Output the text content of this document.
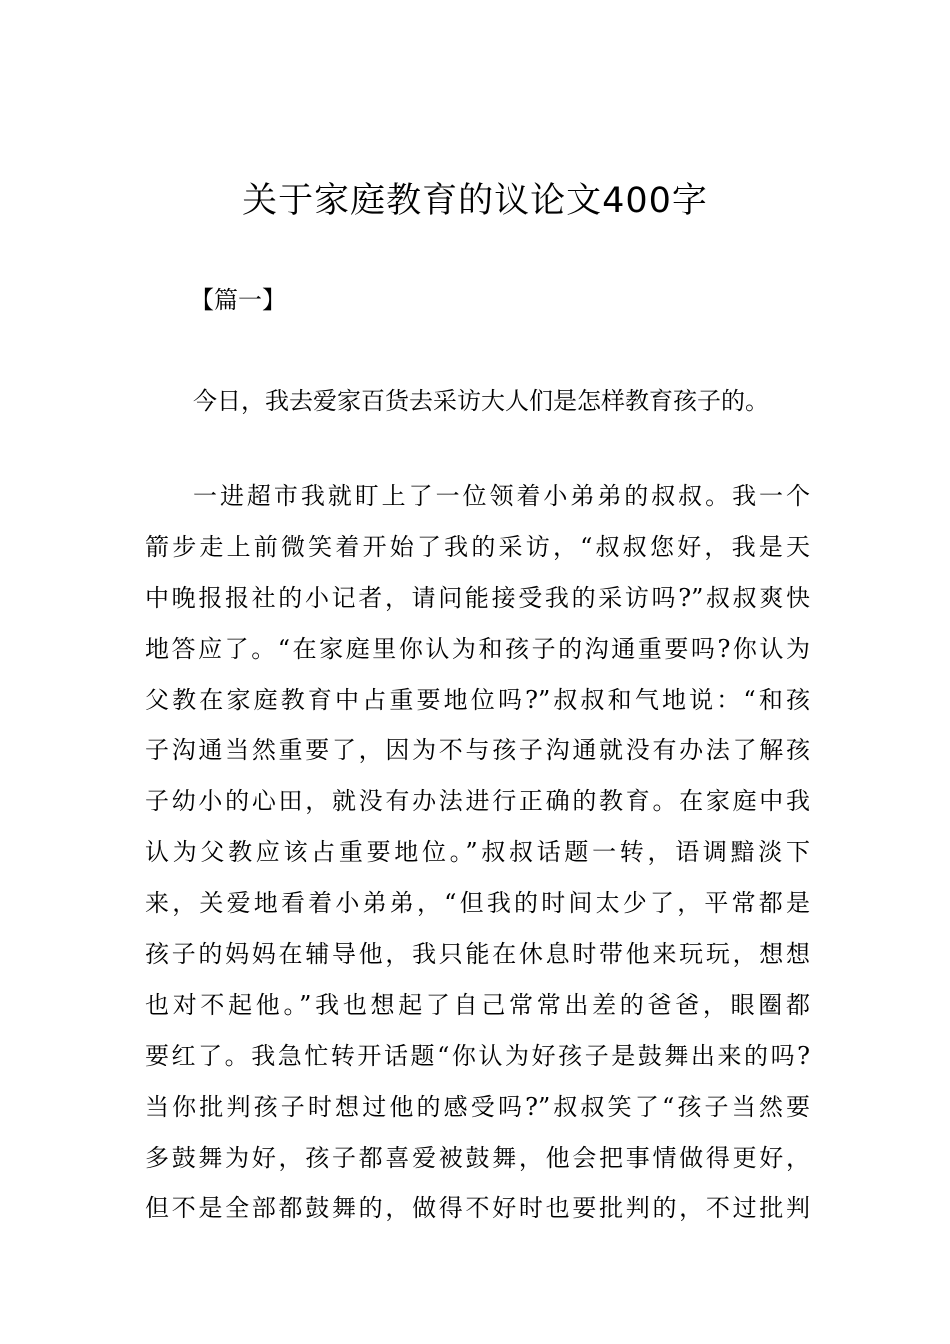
关于家庭教育的议论文400字

【篇一】

今日，我去爱家百货去采访大人们是怎样教育孩子的。

一进超市我就盯上了一位领着小弟弟的叔叔。我一个
箭步走上前微笑着开始了我的采访，“叔叔您好，我是天
中晚报报社的小记者，请问能接受我的采访吗?”叔叔爽快
地答应了。“在家庭里你认为和孩子的沟通重要吗?你认为
父教在家庭教育中占重要地位吗?”叔叔和气地说：“和孩
子沟通当然重要了，因为不与孩子沟通就没有办法了解孩
子幼小的心田，就没有办法进行正确的教育。在家庭中我
认为父教应该占重要地位。”叔叔话题一转，语调黯淡下
来，关爱地看着小弟弟，“但我的时间太少了，平常都是
孩子的妈妈在辅导他，我只能在休息时带他来玩玩，想想
也对不起他。”我也想起了自己常常出差的爸爸，眼圈都
要红了。我急忙转开话题“你认为好孩子是鼓舞出来的吗?
当你批判孩子时想过他的感受吗?”叔叔笑了“孩子当然要
多鼓舞为好，孩子都喜爱被鼓舞，他会把事情做得更好，
但不是全部都鼓舞的，做得不好时也要批判的，不过批判
